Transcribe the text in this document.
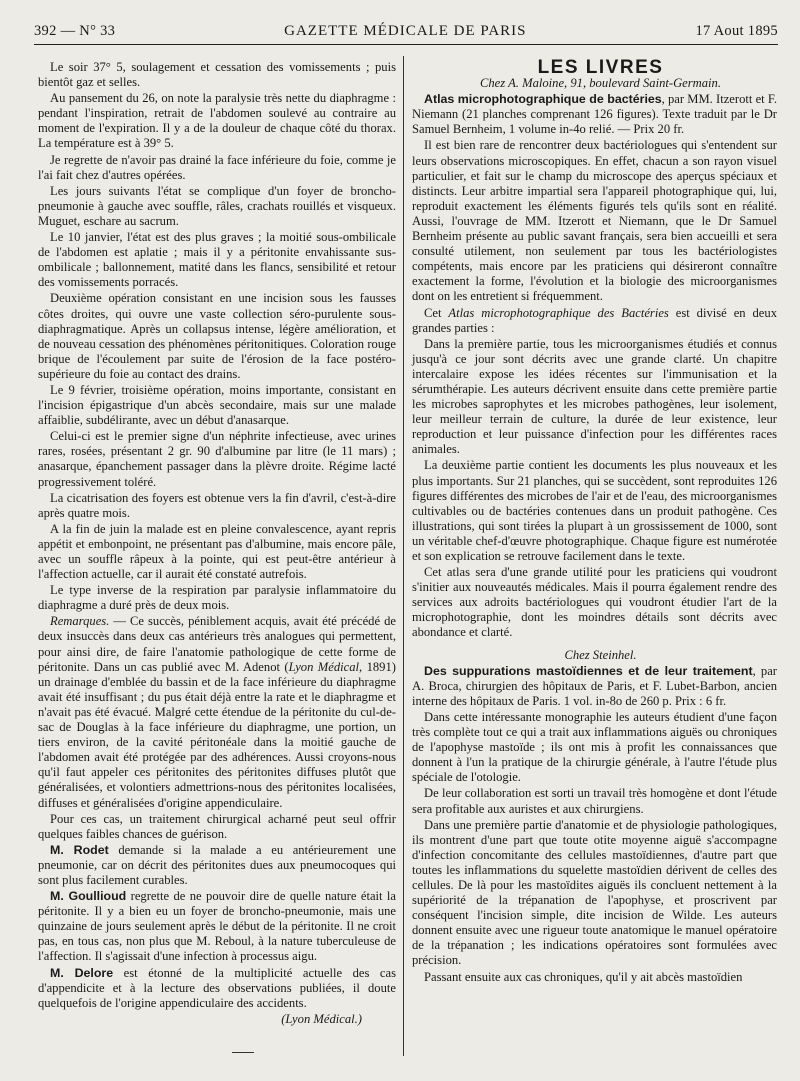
392 — N° 33	GAZETTE MÉDICALE DE PARIS	17 Aout 1895

Le soir 37° 5, soulagement et cessation des vomissements ; puis bientôt gaz et selles.

Au pansement du 26, on note la paralysie très nette du diaphragme : pendant l'inspiration, retrait de l'abdomen soulevé au contraire au moment de l'expiration. Il y a de la douleur de chaque côté du thorax. La température est à 39° 5.

Je regrette de n'avoir pas drainé la face inférieure du foie, comme je l'ai fait chez d'autres opérées.

Les jours suivants l'état se complique d'un foyer de broncho-pneumonie à gauche avec souffle, râles, crachats rouillés et visqueux. Muguet, eschare au sacrum.

Le 10 janvier, l'état est des plus graves ; la moitié sous-ombilicale de l'abdomen est aplatie ; mais il y a péritonite envahissante sus-ombilicale ; ballonnement, matité dans les flancs, sensibilité et retour des vomissements porracés.

Deuxième opération consistant en une incision sous les fausses côtes droites, qui ouvre une vaste collection séro-purulente sous-diaphragmatique. Après un collapsus intense, légère amélioration, et de nouveau cessation des phénomènes péritonitiques. Coloration rouge brique de l'écoulement par suite de l'érosion de la face postéro-supérieure du foie au contact des drains.

Le 9 février, troisième opération, moins importante, consistant en l'incision épigastrique d'un abcès secondaire, mais sur une malade affaiblie, subdélirante, avec un début d'anasarque.

Celui-ci est le premier signe d'un néphrite infectieuse, avec urines rares, rosées, présentant 2 gr. 90 d'albumine par litre (le 11 mars) ; anasarque, épanchement passager dans la plèvre droite. Régime lacté progressivement toléré.

La cicatrisation des foyers est obtenue vers la fin d'avril, c'est-à-dire après quatre mois.

A la fin de juin la malade est en pleine convalescence, ayant repris appétit et embonpoint, ne présentant pas d'albumine, mais encore pâle, avec un souffle râpeux à la pointe, qui est peut-être antérieur à l'affection actuelle, car il aurait été constaté autrefois.

Le type inverse de la respiration par paralysie inflammatoire du diaphragme a duré près de deux mois.

Remarques. — Ce succès, péniblement acquis, avait été précédé de deux insuccès dans deux cas antérieurs très analogues qui permettent, pour ainsi dire, de faire l'anatomie pathologique de cette forme de péritonite. Dans un cas publié avec M. Adenot (Lyon Médical, 1891) un drainage d'emblée du bassin et de la face inférieure du diaphragme avait été insuffisant ; du pus était déjà entre la rate et le diaphragme et n'avait pas été évacué. Malgré cette étendue de la péritonite du cul-de-sac de Douglas à la face inférieure du diaphragme, une portion, un tiers environ, de la cavité péritonéale dans la moitié gauche de l'abdomen avait été protégée par des adhérences. Aussi croyons-nous qu'il faut appeler ces péritonites des péritonites diffuses plutôt que généralisées, et volontiers admettrions-nous des péritonites localisées, diffuses et généralisées d'origine appendiculaire.

Pour ces cas, un traitement chirurgical acharné peut seul offrir quelques faibles chances de guérison.

M. Rodet demande si la malade a eu antérieurement une pneumonie, car on décrit des péritonites dues aux pneumocoques qui sont plus facilement curables.

M. Goullioud regrette de ne pouvoir dire de quelle nature était la péritonite. Il y a bien eu un foyer de broncho-pneumonie, mais une quinzaine de jours seulement après le début de la péritonite. Il ne croit pas, en tous cas, non plus que M. Reboul, à la nature tuberculeuse de l'affection. Il s'agissait d'une infection à processus aigu.

M. Delore est étonné de la multiplicité actuelle des cas d'appendicite et à la lecture des observations publiées, il doute quelquefois de l'origine appendiculaire des accidents.

(Lyon Médical.)

LES LIVRES

Chez A. Maloine, 91, boulevard Saint-Germain.

Atlas microphotographique de bactéries, par MM. Itzerott et F. Niemann (21 planches comprenant 126 figures). Texte traduit par le Dr Samuel Bernheim, 1 volume in-4o relié. — Prix 20 fr.

Il est bien rare de rencontrer deux bactériologues qui s'entendent sur leurs observations microscopiques. En effet, chacun a son rayon visuel particulier, et fait sur le champ du microscope des aperçus spéciaux et distincts. Leur arbitre impartial sera l'appareil photographique qui, lui, reproduit exactement les éléments figurés tels qu'ils sont en réalité. Aussi, l'ouvrage de MM. Itzerott et Niemann, que le Dr Samuel Bernheim présente au public savant français, sera bien accueilli et sera consulté utilement, non seulement par tous les bactériologistes compétents, mais encore par les praticiens qui désireront connaître exactement la forme, l'évolution et la biologie des microorganismes dont on les entretient si fréquemment.

Cet Atlas microphotographique des Bactéries est divisé en deux grandes parties :

Dans la première partie, tous les microorganismes étudiés et connus jusqu'à ce jour sont décrits avec une grande clarté. Un chapitre intercalaire expose les idées récentes sur l'immunisation et la sérumthérapie. Les auteurs décrivent ensuite dans cette première partie les microbes saprophytes et les microbes pathogènes, leur isolement, leur meilleur terrain de culture, la durée de leur existence, leur reproduction et leur puissance d'infection pour les différentes races animales.

La deuxième partie contient les documents les plus nouveaux et les plus importants. Sur 21 planches, qui se succèdent, sont reproduites 126 figures différentes des microbes de l'air et de l'eau, des microorganismes cultivables ou de bactéries contenues dans un produit pathogène. Ces illustrations, qui sont tirées la plupart à un grossissement de 1000, sont un véritable chef-d'œuvre photographique. Chaque figure est numérotée et son explication se retrouve facilement dans le texte.

Cet atlas sera d'une grande utilité pour les praticiens qui voudront s'initier aux nouveautés médicales. Mais il pourra également rendre des services aux adroits bactériologues qui voudront étudier l'art de la microphotographie, dont les moindres détails sont décrits avec abondance et clarté.

Chez Steinhel.

Des suppurations mastoïdiennes et de leur traitement, par A. Broca, chirurgien des hôpitaux de Paris, et F. Lubet-Barbon, ancien interne des hôpitaux de Paris. 1 vol. in-8o de 260 p. Prix : 6 fr.

Dans cette intéressante monographie les auteurs étudient d'une façon très complète tout ce qui a trait aux inflammations aiguës ou chroniques de l'apophyse mastoïde ; ils ont mis à profit les connaissances que donnent à l'un la pratique de la chirurgie générale, à l'autre l'étude plus spéciale de l'otologie.

De leur collaboration est sorti un travail très homogène et dont l'étude sera profitable aux auristes et aux chirurgiens.

Dans une première partie d'anatomie et de physiologie pathologiques, ils montrent d'une part que toute otite moyenne aiguë s'accompagne d'infection concomitante des cellules mastoïdiennes, d'autre part que toutes les inflammations du squelette mastoïdien dérivent de celles des cellules. De là pour les mastoïdites aiguës ils concluent nettement à la supériorité de la trépanation de l'apophyse, et proscrivent par conséquent l'incision simple, dite incision de Wilde. Les auteurs donnent ensuite avec une rigueur toute anatomique le manuel opératoire de la trépanation ; les indications opératoires sont formulées avec précision.

Passant ensuite aux cas chroniques, qu'il y ait abcès mastoïdien
